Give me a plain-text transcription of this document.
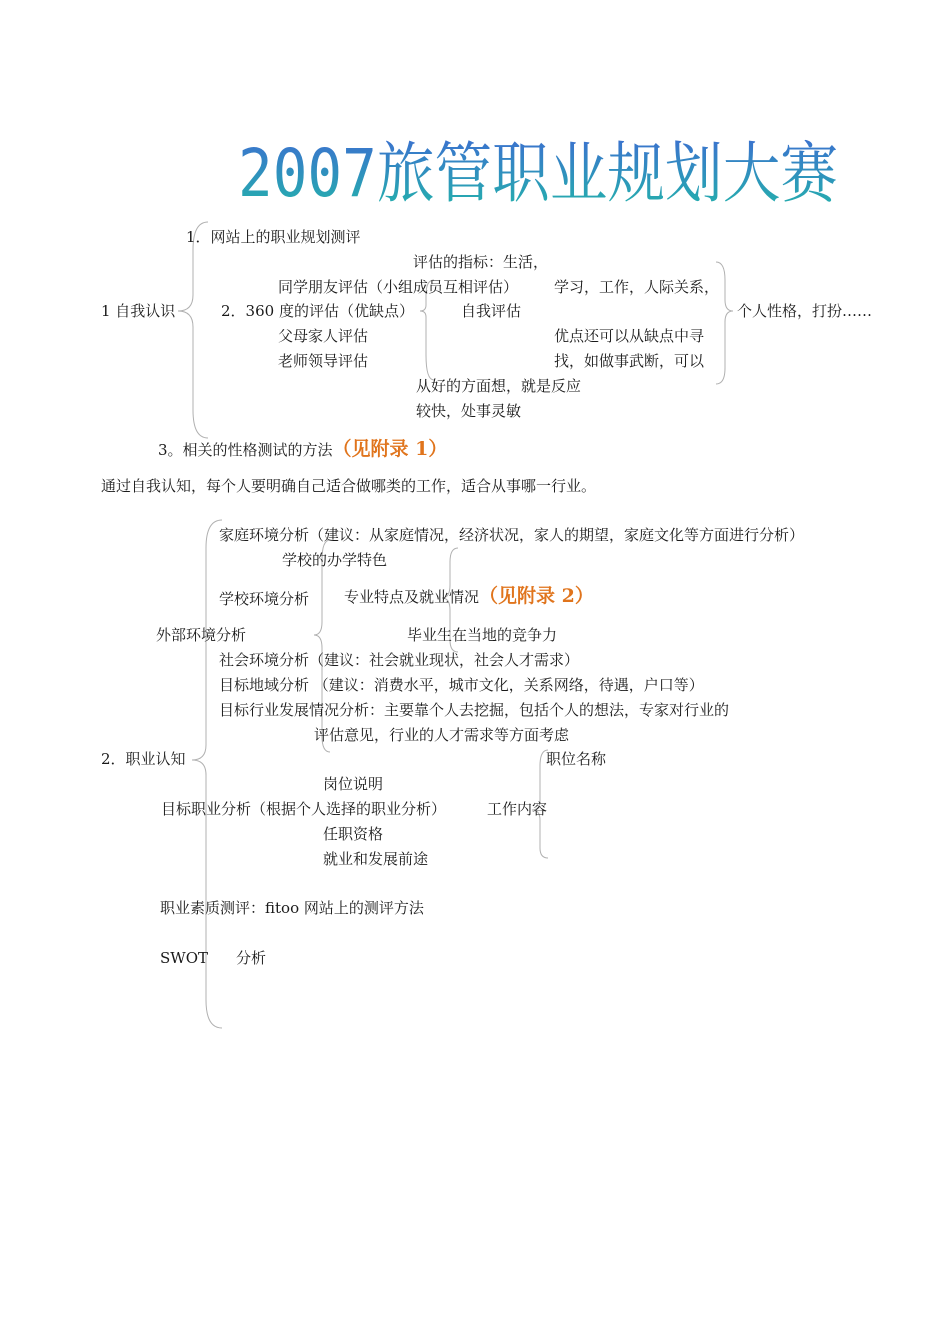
2007旅管职业规划大赛
1．网站上的职业规划测评
评估的指标：生活，
同学朋友评估（小组成员互相评估） 学习，工作，人际关系，
1 自我认识	2．360 度的评估（优缺点）	自我评估	个人性格，打扮……
父母家人评估	优点还可以从缺点中寻
老师领导评估	找，如做事武断，可以
从好的方面想，就是反应
较快，处事灵敏
3。相关的性格测试的方法（见附录 1）
通过自我认知，每个人要明确自己适合做哪类的工作，适合从事哪一行业。
家庭环境分析（建议：从家庭情况，经济状况，家人的期望，家庭文化等方面进行分析）
学校的办学特色
学校环境分析 专业特点及就业情况（见附录 2）
外部环境分析	毕业生在当地的竞争力
社会环境分析（建议：社会就业现状，社会人才需求）
目标地域分析 （建议：消费水平，城市文化，关系网络，待遇，户口等）
目标行业发展情况分析：主要靠个人去挖掘，包括个人的想法，专家对行业的
评估意见，行业的人才需求等方面考虑
2．职业认知	职位名称
岗位说明
目标职业分析（根据个人选择的职业分析）	工作内容
任职资格
就业和发展前途
职业素质测评：fitoo 网站上的测评方法
SWOT 分析
